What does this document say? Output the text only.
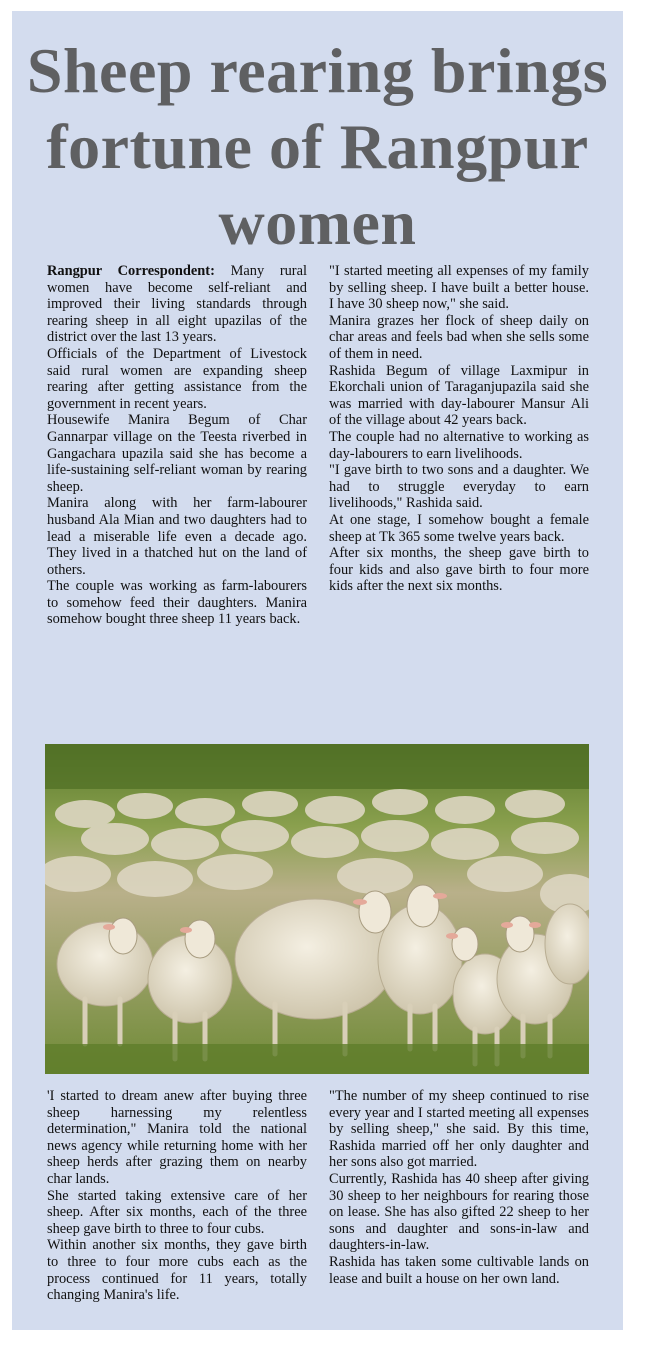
Sheep rearing brings fortune of Rangpur women

Rangpur Correspondent: Many rural women have become self-reliant and improved their living standards through rearing sheep in all eight upazilas of the district over the last 13 years.

Officials of the Department of Livestock said rural women are expanding sheep rearing after getting assistance from the government in recent years.

Housewife Manira Begum of Char Gannarpar village on the Teesta riverbed in Gangachara upazila said she has become a life-sustaining self-reliant woman by rearing sheep.

Manira along with her farm-labourer husband Ala Mian and two daughters had to lead a miserable life even a decade ago. They lived in a thatched hut on the land of others.

The couple was working as farm-labourers to somehow feed their daughters. Manira somehow bought three sheep 11 years back.

"I started meeting all expenses of my family by selling sheep. I have built a better house. I have 30 sheep now," she said.

Manira grazes her flock of sheep daily on char areas and feels bad when she sells some of them in need.

Rashida Begum of village Laxmipur in Ekorchali union of Taraganjupazila said she was married with day-labourer Mansur Ali of the village about 42 years back.

The couple had no alternative to working as day-labourers to earn livelihoods.

"I gave birth to two sons and a daughter. We had to struggle everyday to earn livelihoods," Rashida said.

At one stage, I somehow bought a female sheep at Tk 365 some twelve years back.

After six months, the sheep gave birth to four kids and also gave birth to four more kids after the next six months.

'I started to dream anew after buying three sheep harnessing my relentless determination," Manira told the national news agency while returning home with her sheep herds after grazing them on nearby char lands.

She started taking extensive care of her sheep. After six months, each of the three sheep gave birth to three to four cubs.

Within another six months, they gave birth to three to four more cubs each as the process continued for 11 years, totally changing Manira's life.

"The number of my sheep continued to rise every year and I started meeting all expenses by selling sheep," she said. By this time, Rashida married off her only daughter and her sons also got married.

Currently, Rashida has 40 sheep after giving 30 sheep to her neighbours for rearing those on lease. She has also gifted 22 sheep to her sons and daughter and sons-in-law and daughters-in-law.

Rashida has taken some cultivable lands on lease and built a house on her own land.
